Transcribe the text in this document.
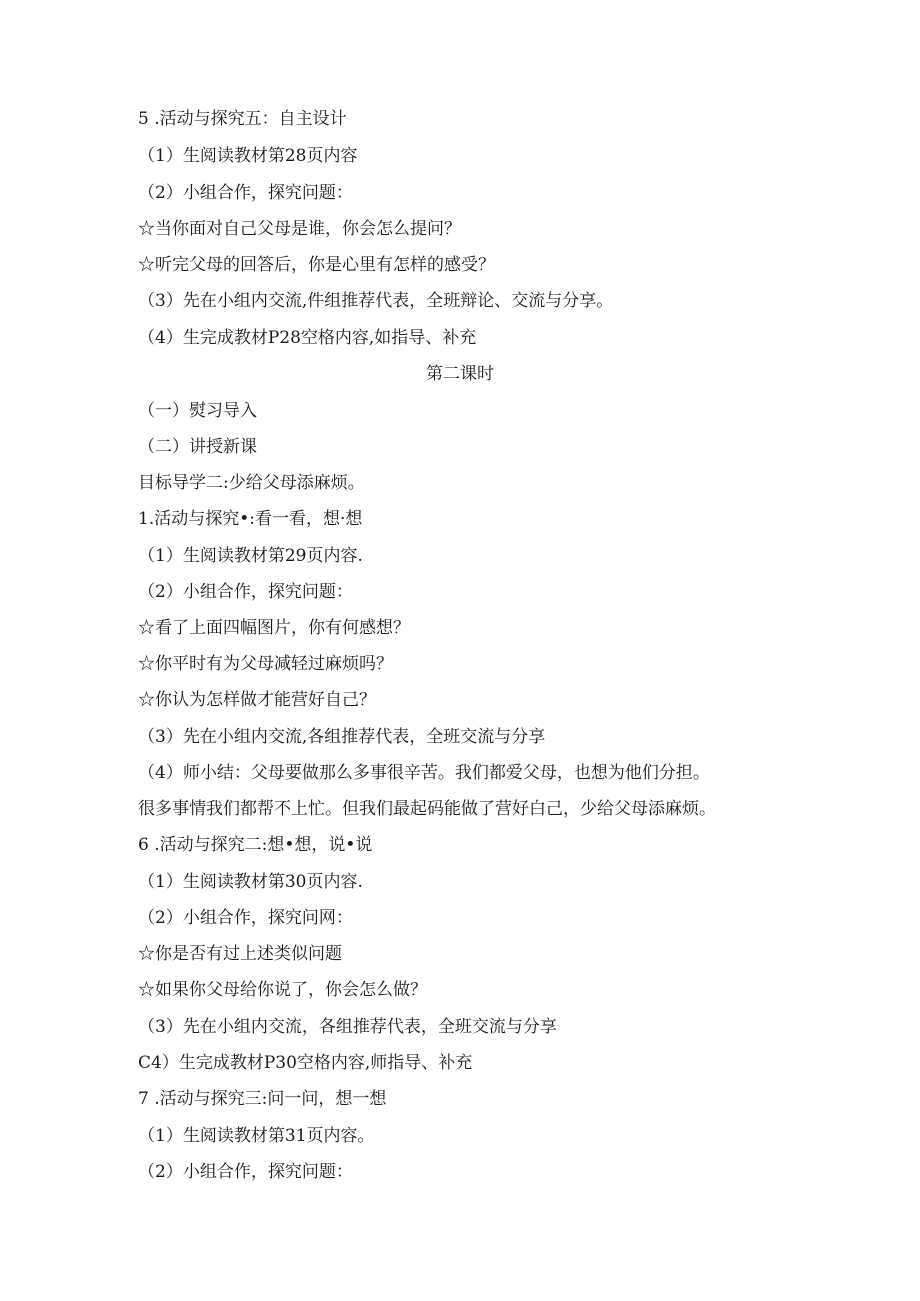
5 .活动与探究五：自主设计
（1）生阅读教材第28页内容
（2）小组合作，探究问题：
☆当你面对自己父母是谁，你会怎么提问？
☆听完父母的回答后，你是心里有怎样的感受？
（3）先在小组内交流,件组推荐代表，全班辩论、交流与分享。
（4）生完成教材P28空格内容,如指导、补充
第二课时
（一）熨习导入
（二）讲授新课
目标导学二:少给父母添麻烦。
1.活动与探究•:看一看，想·想
（1）生阅读教材第29页内容.
（2）小组合作，探究问题：
☆看了上面四幅图片，你有何感想？
☆你平时有为父母减轻过麻烦吗？
☆你认为怎样做才能营好自己？
（3）先在小组内交流,各组推荐代表，全班交流与分享
（4）师小结：父母要做那么多事很辛苦。我们都爱父母，也想为他们分担。
很多事情我们都帮不上忙。但我们最起码能做了营好白己，少给父母添麻烦。
6 .活动与探究二:想•想，说•说
（1）生阅读教材第30页内容.
（2）小组合作，探究问网：
☆你是否有过上述类似问题
☆如果你父母给你说了，你会怎么做？
（3）先在小组内交流，各组推荐代表，全班交流与分享
C4）生完成教材P30空格内容,师指导、补充
7 .活动与探究三:问一问，想一想
（1）生阅读教材第31页内容。
（2）小组合作，探究问题：
